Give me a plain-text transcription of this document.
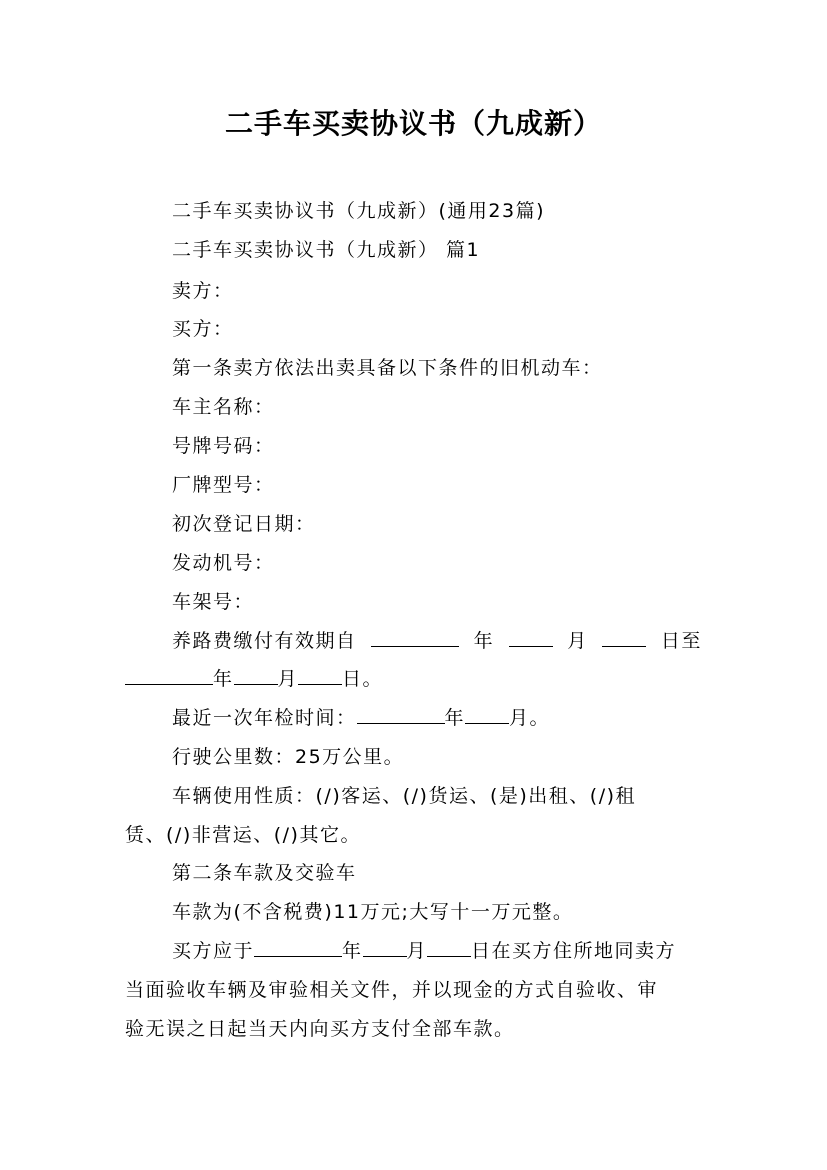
二手车买卖协议书（九成新）
二手车买卖协议书（九成新）(通用23篇)
二手车买卖协议书（九成新） 篇1
卖方：
买方：
第一条卖方依法出卖具备以下条件的旧机动车：
车主名称：
号牌号码：
厂牌型号：
初次登记日期：
发动机号：
车架号：
养路费缴付有效期自	年	月	日至
年 月 日。
最近一次年检时间：	年 月。
行驶公里数：25万公里。
车辆使用性质：(/)客运、(/)货运、(是)出租、(/)租
赁、(/)非营运、(/)其它。
第二条车款及交验车
车款为(不含税费)11万元;大写十一万元整。
买方应于	年 月 日在买方住所地同卖方
当面验收车辆及审验相关文件，并以现金的方式自验收、审
验无误之日起当天内向买方支付全部车款。
